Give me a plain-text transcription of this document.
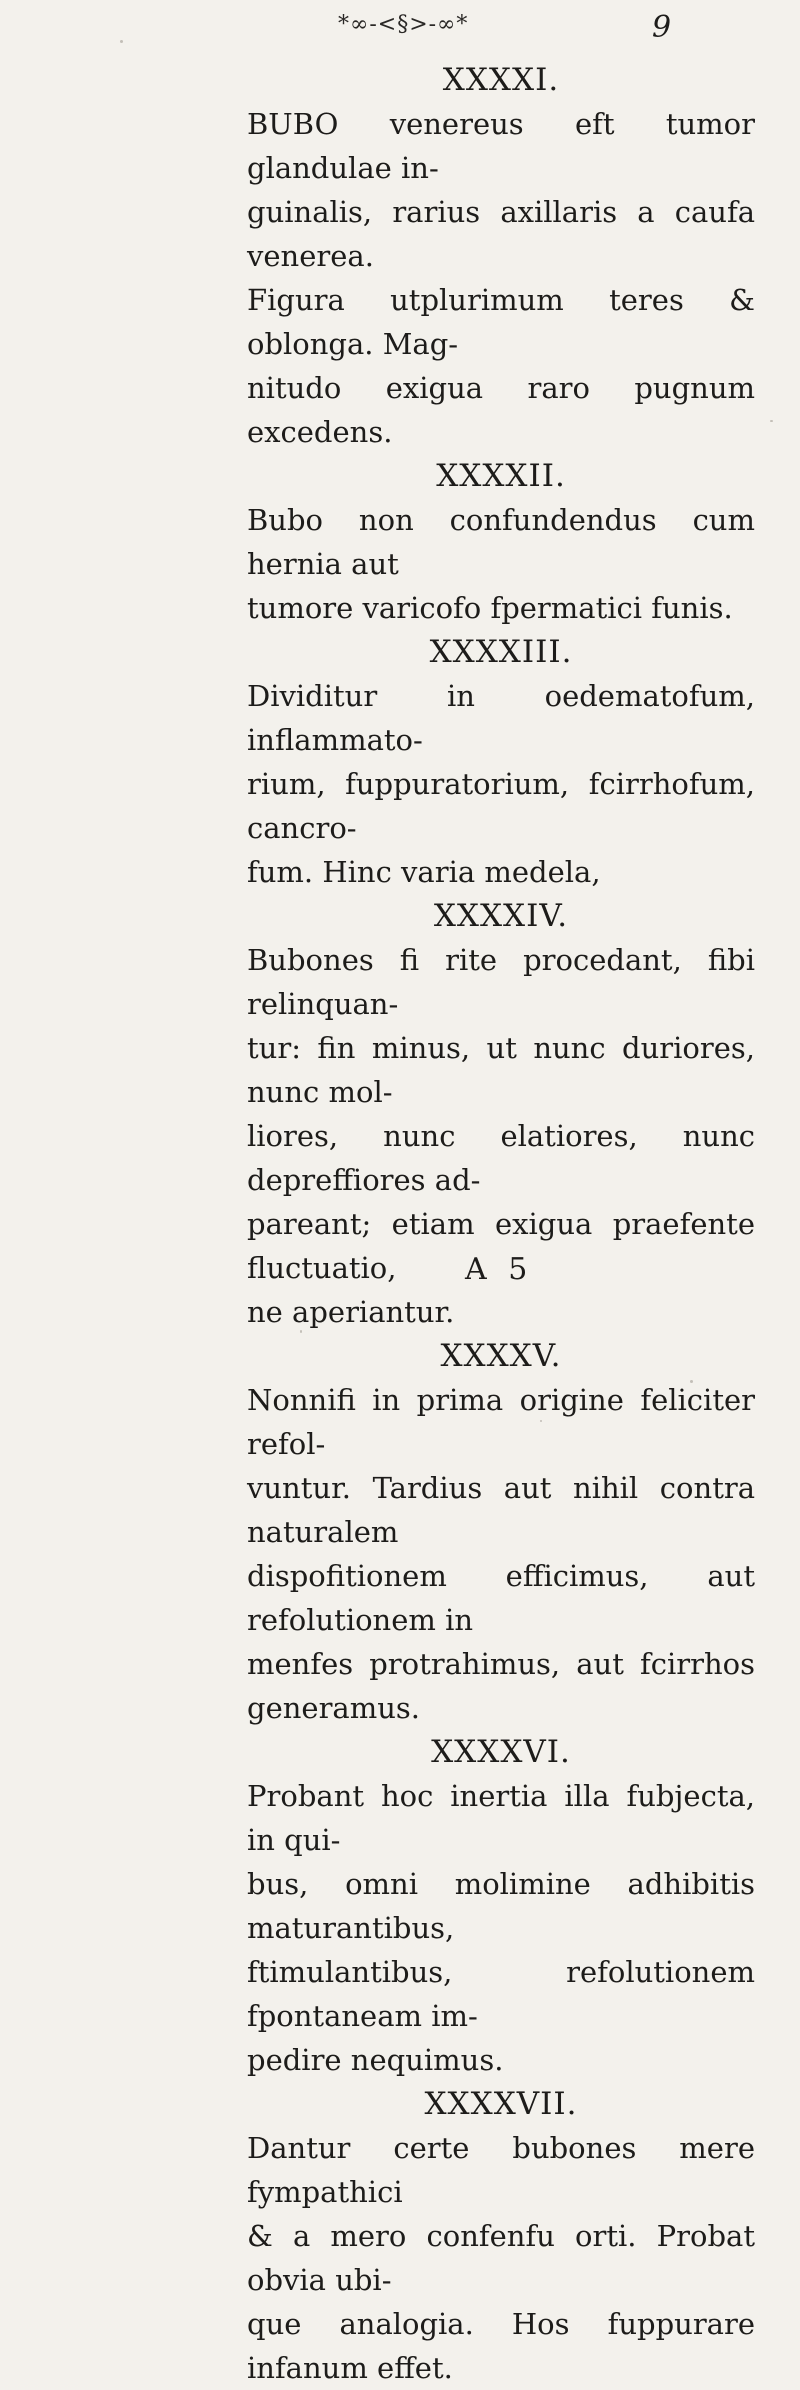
*∞-<§>-∞*	9
XXXXI.

BUBO venereus eft tumor glandulae in-
guinalis, rarius axillaris a caufa venerea.
Figura utplurimum teres & oblonga. Mag-
nitudo exigua raro pugnum excedens.

XXXXII.

Bubo non confundendus cum hernia aut
tumore varicofo fpermatici funis.

XXXXIII.

Dividitur in oedematofum, inflammato-
rium, fuppuratorium, fcirrhofum, cancro-
fum. Hinc varia medela,

XXXXIV.

Bubones fi rite procedant, fibi relinquan-
tur: fin minus, ut nunc duriores, nunc mol-
liores, nunc elatiores, nunc depreffiores ad-
pareant; etiam exigua praefente fluctuatio,
ne aperiantur.

XXXXV.

Nonnifi in prima origine feliciter refol-
vuntur. Tardius aut nihil contra naturalem
dispofitionem efficimus, aut refolutionem in
menfes protrahimus, aut fcirrhos generamus.

XXXXVI.

Probant hoc inertia illa fubjecta, in qui-
bus, omni molimine adhibitis maturantibus,
ftimulantibus, refolutionem fpontaneam im-
pedire nequimus.

XXXXVII.

Dantur certe bubones mere fympathici
& a mero confenfu orti. Probat obvia ubi-
que analogia. Hos fuppurare infanum effet.

A 5
